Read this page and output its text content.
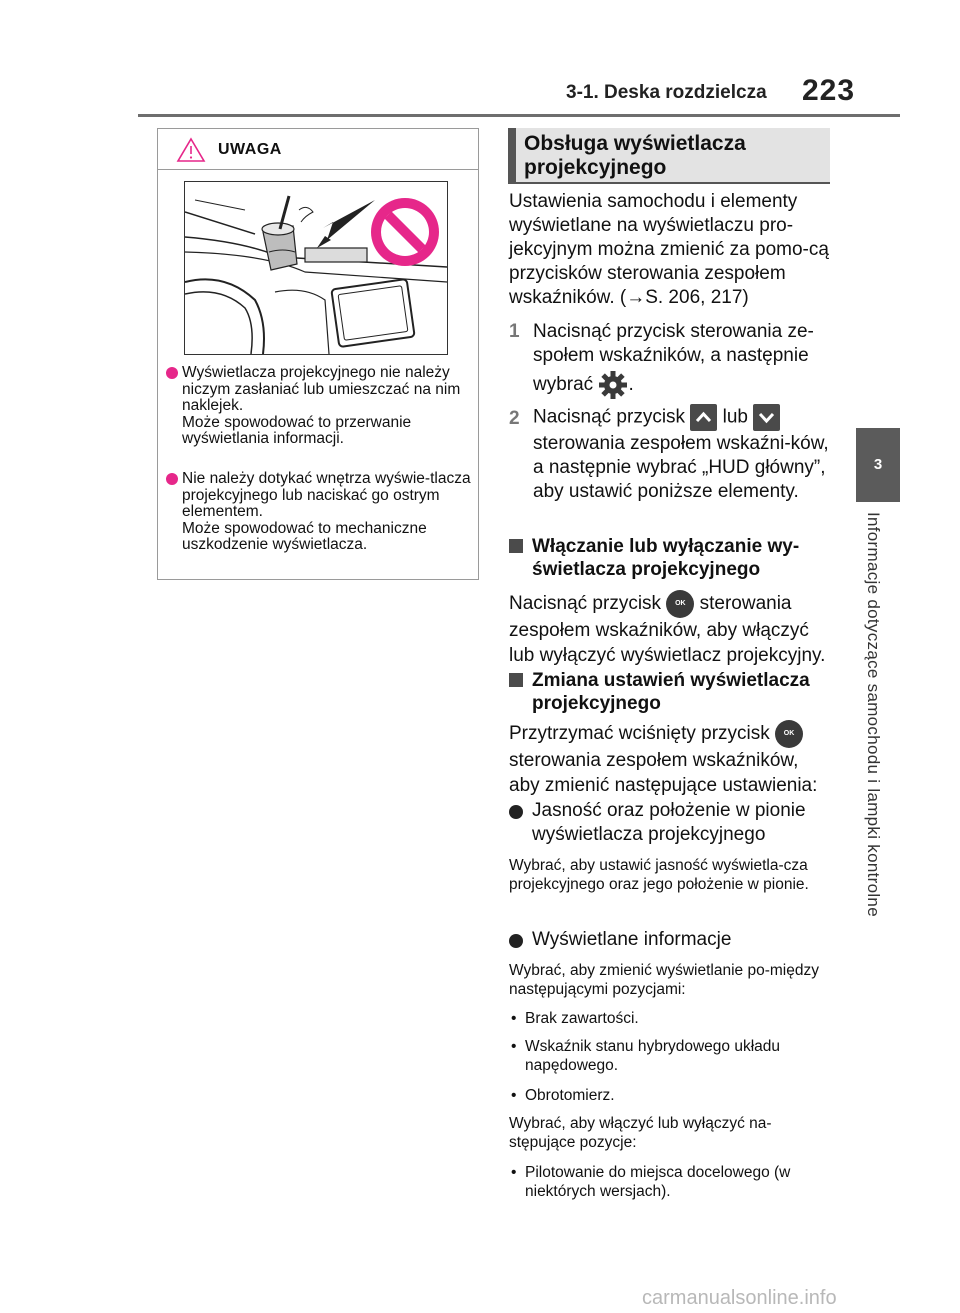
3-1. Deska rozdzielcza 223
3
Informacje dotyczące samochodu i lampki kontrolne
UWAGA
Wyświetlacza projekcyjnego nie należy niczym zasłaniać lub umieszczać na nim naklejek.
Może spowodować to przerwanie wyświetlania informacji.
Nie należy dotykać wnętrza wyświe-tlacza projekcyjnego lub naciskać go ostrym elementem.
Może spowodować to mechaniczne uszkodzenie wyświetlacza.
Obsługa wyświetlacza projekcyjnego
Ustawienia samochodu i elementy wyświetlane na wyświetlaczu pro-jekcyjnym można zmienić za pomo-cą przycisków sterowania zespołem wskaźników. (→S. 206, 217)
1 Nacisnąć przycisk sterowania ze-społem wskaźników, a następnie
wybrać .
2 Nacisnąć przycisk lub
sterowania zespołem wskaźni-ków, a następnie wybrać „HUD główny”, aby ustawić poniższe elementy.
Włączanie lub wyłączanie wy-świetlacza projekcyjnego
Nacisnąć przycisk OK sterowania zespołem wskaźników, aby włączyć lub wyłączyć wyświetlacz projekcyjny.
Zmiana ustawień wyświetlacza projekcyjnego
Przytrzymać wciśnięty przycisk OK sterowania zespołem wskaźników, aby zmienić następujące ustawienia:
Jasność oraz położenie w pionie wyświetlacza projekcyjnego
Wybrać, aby ustawić jasność wyświetla-cza projekcyjnego oraz jego położenie w pionie.
Wyświetlane informacje
Wybrać, aby zmienić wyświetlanie po-między następującymi pozycjami:
• Brak zawartości.
• Wskaźnik stanu hybrydowego układu napędowego.
• Obrotomierz.
Wybrać, aby włączyć lub wyłączyć na-stępujące pozycje:
• Pilotowanie do miejsca docelowego (w niektórych wersjach).
carmanualsonline.info
